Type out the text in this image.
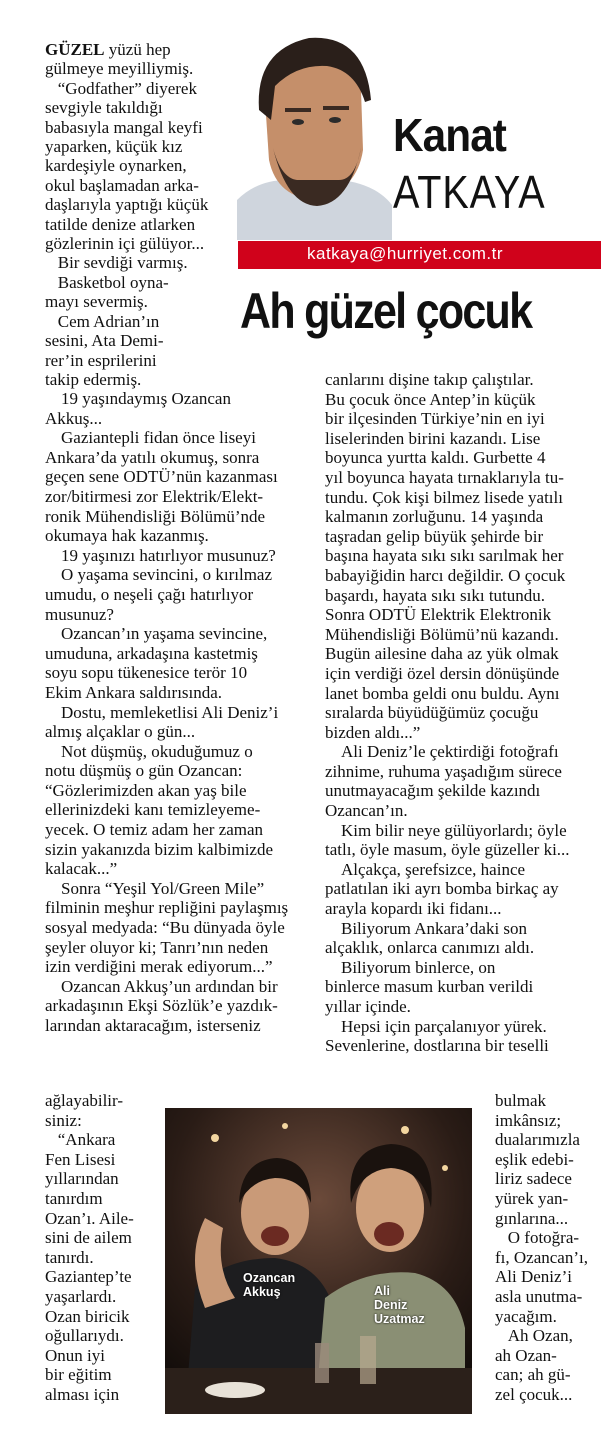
Kanat
ATKAYA
katkaya@hurriyet.com.tr
Ah güzel çocuk
GÜZEL yüzü hep
gülmeye meyilliymiş.
“Godfather” diyerek
sevgiyle takıldığı
babasıyla mangal keyfi
yaparken, küçük kız
kardeşiyle oynarken,
okul başlamadan arka-
daşlarıyla yaptığı küçük
tatilde denize atlarken
gözlerinin içi gülüyor...
Bir sevdiği varmış.
Basketbol oyna-
mayı severmiş.
Cem Adrian’ın
sesini, Ata Demi-
rer’in esprilerini
takip edermiş.

19 yaşındaymış Ozancan
Akkuş...

Gaziantepli fidan önce liseyi
Ankara’da yatılı okumuş, sonra
geçen sene ODTÜ’nün kazanması
zor/bitirmesi zor Elektrik/Elekt-
ronik Mühendisliği Bölümü’nde
okumaya hak kazanmış.

19 yaşınızı hatırlıyor musunuz?

O yaşama sevincini, o kırılmaz
umudu, o neşeli çağı hatırlıyor
musunuz?

Ozancan’ın yaşama sevincine,
umuduna, arkadaşına kastetmiş
soyu sopu tükenesice terör 10
Ekim Ankara saldırısında.

Dostu, memleketlisi Ali Deniz’i
almış alçaklar o gün...

Not düşmüş, okuduğumuz o
notu düşmüş o gün Ozancan:
“Gözlerimizden akan yaş bile
ellerinizdeki kanı temizleyeme-
yecek. O temiz adam her zaman
sizin yakanızda bizim kalbimizde
kalacak...”

Sonra “Yeşil Yol/Green Mile”
filminin meşhur repliğini paylaşmış
sosyal medyada: “Bu dünyada öyle
şeyler oluyor ki; Tanrı’nın neden
izin verdiğini merak ediyorum...”

Ozancan Akkuş’un ardından bir
arkadaşının Ekşi Sözlük’e yazdık-
larından aktaracağım, isterseniz

ağlayabilir-
siniz:
“Ankara
Fen Lisesi
yıllarından
tanırdım
Ozan’ı. Aile-
sini de ailem
tanırdı.
Gaziantep’te
yaşarlardı.
Ozan biricik
oğullarıydı.
Onun iyi
bir eğitim
alması için

canlarını dişine takıp çalıştılar.
Bu çocuk önce Antep’in küçük
bir ilçesinden Türkiye’nin en iyi
liselerinden birini kazandı. Lise
boyunca yurtta kaldı. Gurbette 4
yıl boyunca hayata tırnaklarıyla tu-
tundu. Çok kişi bilmez lisede yatılı
kalmanın zorluğunu. 14 yaşında
taşradan gelip büyük şehirde bir
başına hayata sıkı sıkı sarılmak her
babayiğidin harcı değildir. O çocuk
başardı, hayata sıkı sıkı tutundu.
Sonra ODTÜ Elektrik Elektronik
Mühendisliği Bölümü’nü kazandı.
Bugün ailesine daha az yük olmak
için verdiği özel dersin dönüşünde
lanet bomba geldi onu buldu. Aynı
sıralarda büyüdüğümüz çocuğu
bizden aldı...”

Ali Deniz’le çektirdiği fotoğrafı
zihnime, ruhuma yaşadığım sürece
unutmayacağım şekilde kazındı
Ozancan’ın.

Kim bilir neye gülüyorlardı; öyle
tatlı, öyle masum, öyle güzeller ki...

Alçakça, şerefsizce, haince
patlatılan iki ayrı bomba birkaç ay
arayla kopardı iki fidanı...

Biliyorum Ankara’daki son
alçaklık, onlarca canımızı aldı.

Biliyorum binlerce, on
binlerce masum kurban verildi
yıllar içinde.

Hepsi için parçalanıyor yürek.
Sevenlerine, dostlarına bir teselli

bulmak
imkânsız;
dualarımızla
eşlik edebi-
liriz sadece
yürek yan-
gınlarına...
O fotoğra-
fı, Ozancan’ı,
Ali Deniz’i
asla unutma-
yacağım.
Ah Ozan,
ah Ozan-
can; ah gü-
zel çocuk...
Ozancan
Akkuş	Ali
Deniz
Uzatmaz
